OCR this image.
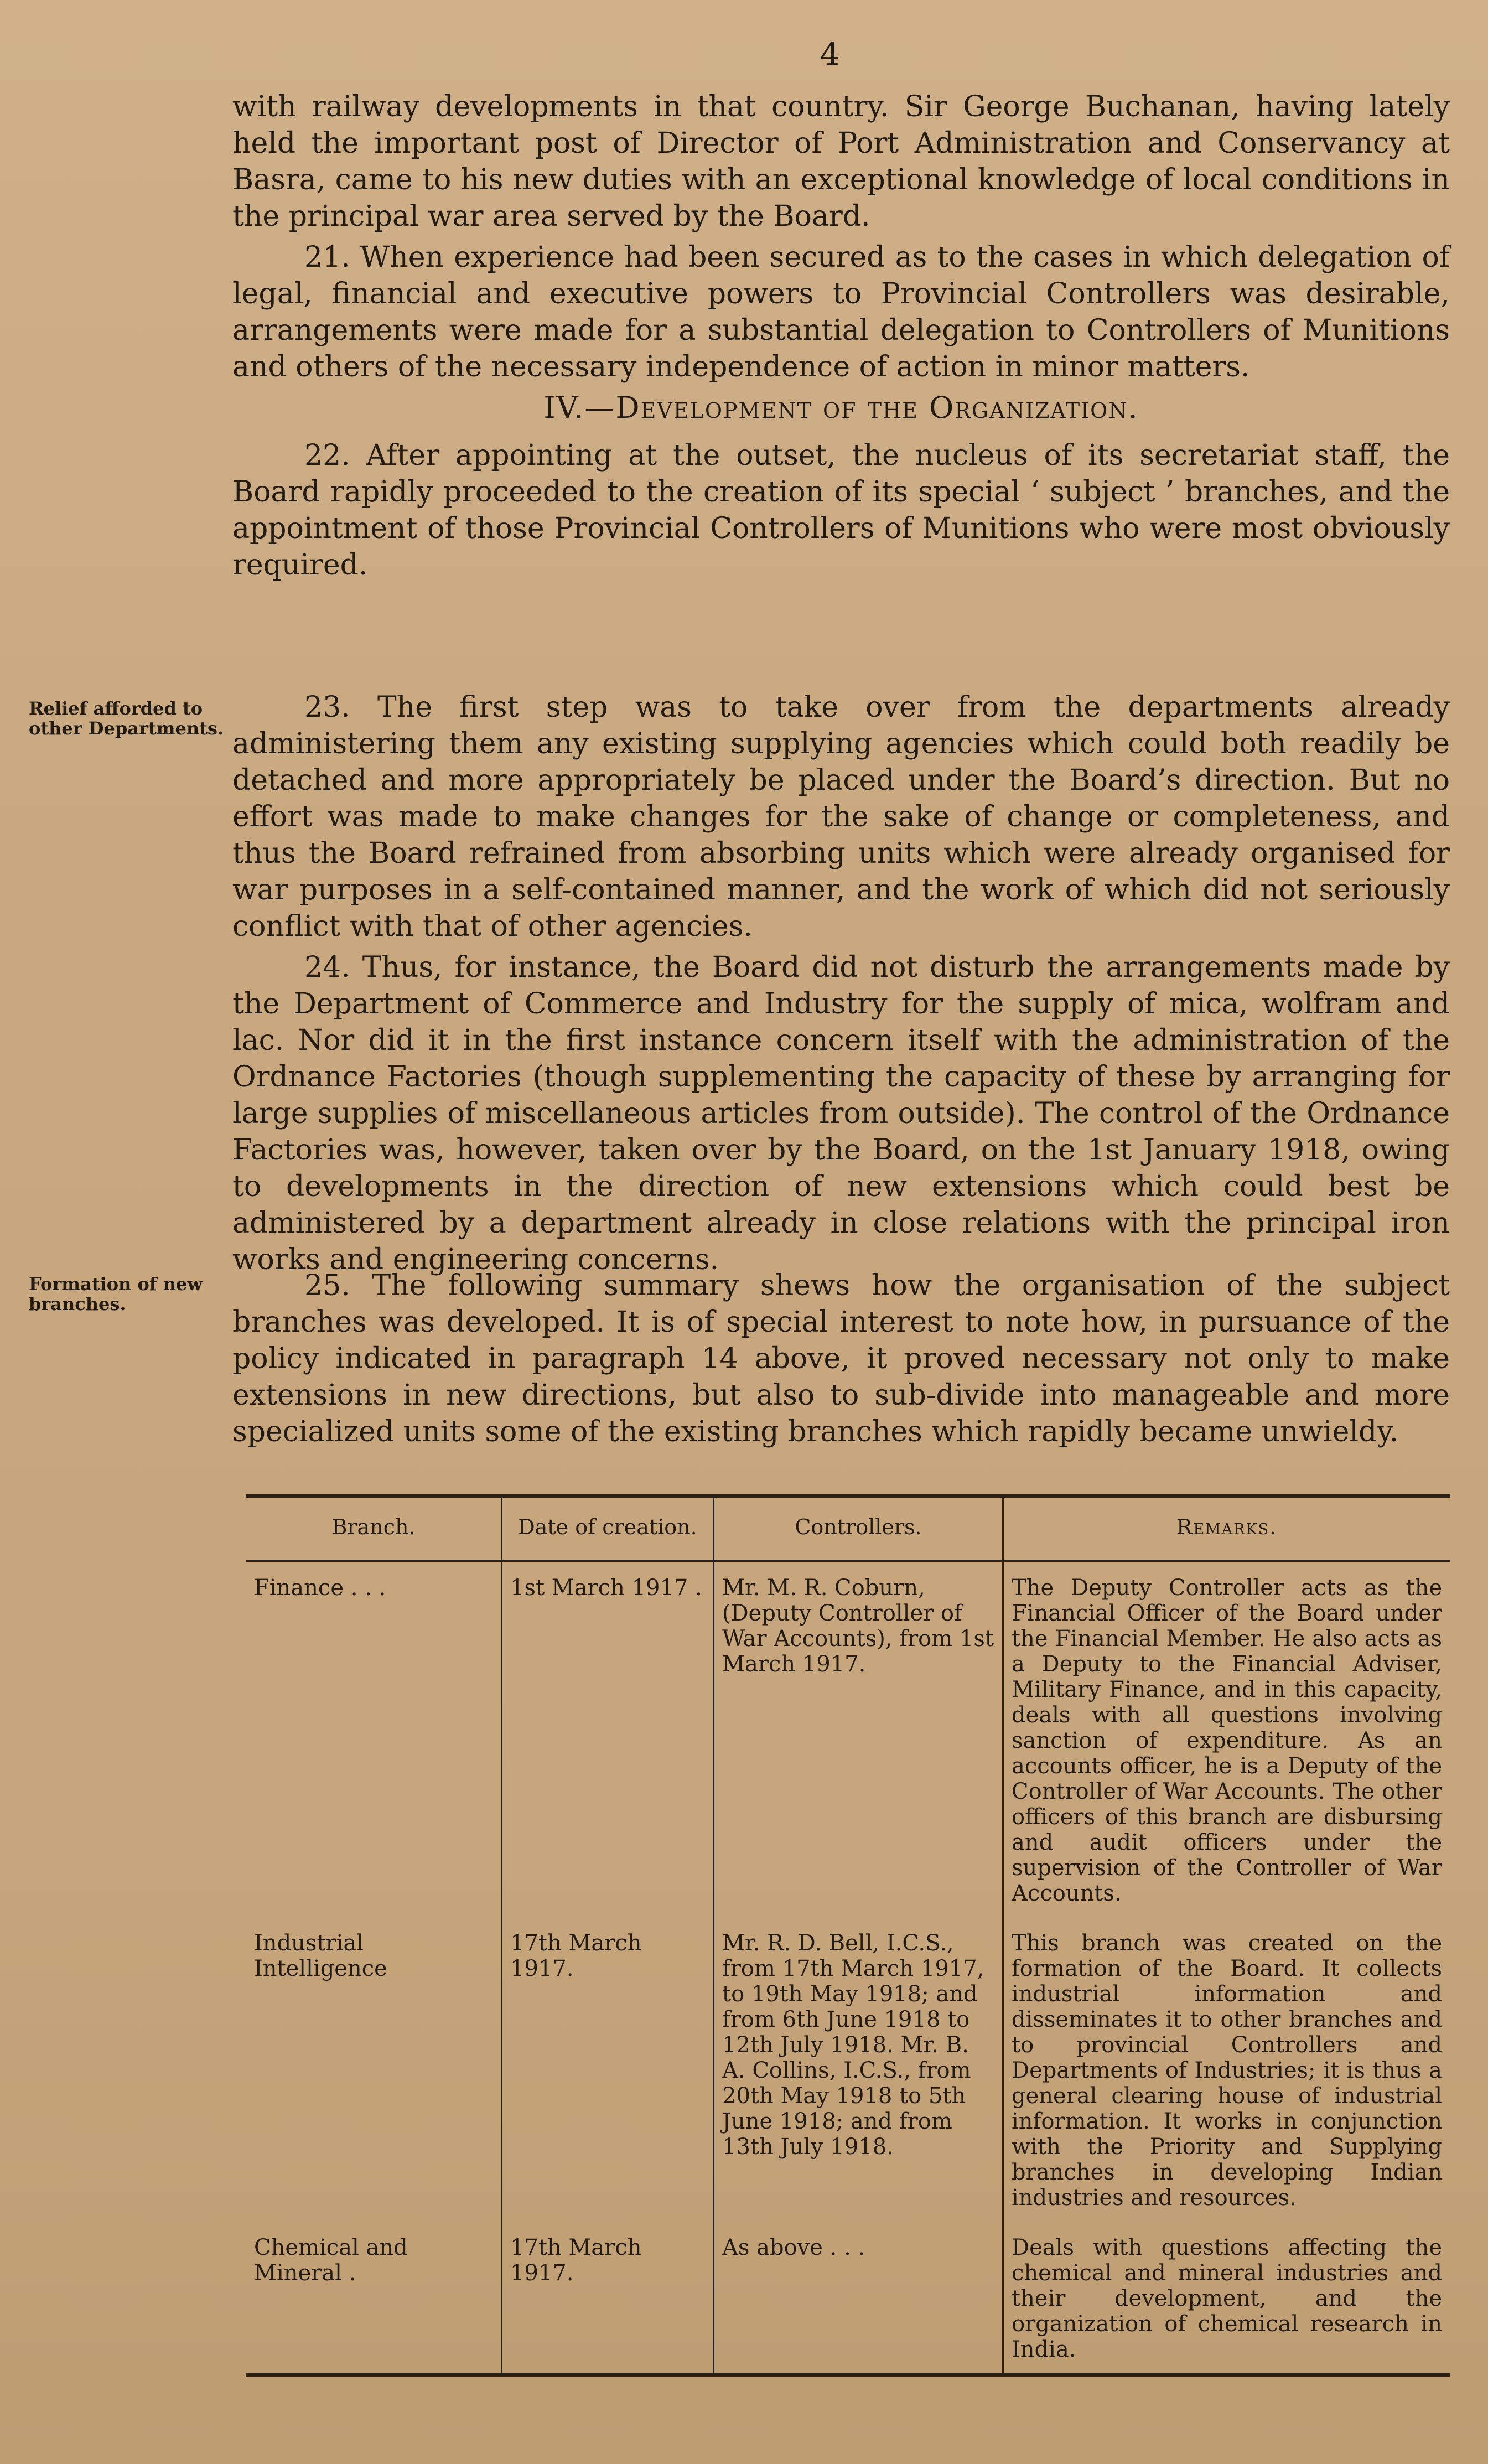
4

with railway developments in that country. Sir George Buchanan, having lately held the important post of Director of Port Administration and Conservancy at Basra, came to his new duties with an exceptional knowledge of local conditions in the principal war area served by the Board.

21. When experience had been secured as to the cases in which delegation of legal, financial and executive powers to Provincial Controllers was desirable, arrangements were made for a substantial delegation to Controllers of Munitions and others of the necessary independence of action in minor matters.

IV.—Development of the Organization.

22. After appointing at the outset, the nucleus of its secretariat staff, the Board rapidly proceeded to the creation of its special ‘ subject ’ branches, and the appointment of those Provincial Controllers of Munitions who were most obviously required.

Relief afforded to other Departments.

23. The first step was to take over from the departments already administering them any existing supplying agencies which could both readily be detached and more appropriately be placed under the Board’s direction. But no effort was made to make changes for the sake of change or completeness, and thus the Board refrained from absorbing units which were already organised for war purposes in a self-contained manner, and the work of which did not seriously conflict with that of other agencies.

24. Thus, for instance, the Board did not disturb the arrangements made by the Department of Commerce and Industry for the supply of mica, wolfram and lac. Nor did it in the first instance concern itself with the administration of the Ordnance Factories (though supplementing the capacity of these by arranging for large supplies of miscellaneous articles from outside). The control of the Ordnance Factories was, however, taken over by the Board, on the 1st January 1918, owing to developments in the direction of new extensions which could best be administered by a department already in close relations with the principal iron works and engineering concerns.

Formation of new branches.

25. The following summary shews how the organisation of the subject branches was developed. It is of special interest to note how, in pursuance of the policy indicated in paragraph 14 above, it proved necessary not only to make extensions in new directions, but also to sub-divide into manageable and more specialized units some of the existing branches which rapidly became unwieldy.

Branch.	Date of creation.	Controllers.	Remarks.
Finance . . .	1st March 1917 .	Mr. M. R. Coburn, (Deputy Controller of War Accounts), from 1st March 1917.	The Deputy Controller acts as the Financial Officer of the Board under the Financial Member. He also acts as a Deputy to the Financial Adviser, Military Finance, and in this capacity, deals with all questions involving sanction of expenditure. As an accounts officer, he is a Deputy of the Controller of War Accounts. The other officers of this branch are disbursing and audit officers under the supervision of the Controller of War Accounts.
Industrial Intelligence	17th March 1917.	Mr. R. D. Bell, I.C.S., from 17th March 1917, to 19th May 1918; and from 6th June 1918 to 12th July 1918. Mr. B. A. Collins, I.C.S., from 20th May 1918 to 5th June 1918; and from 13th July 1918.	This branch was created on the formation of the Board. It collects industrial information and disseminates it to other branches and to provincial Controllers and Departments of Industries; it is thus a general clearing house of industrial information. It works in conjunction with the Priority and Supplying branches in developing Indian industries and resources.
Chemical and Mineral .	17th March 1917.	As above . . .	Deals with questions affecting the chemical and mineral industries and their development, and the organization of chemical research in India.
